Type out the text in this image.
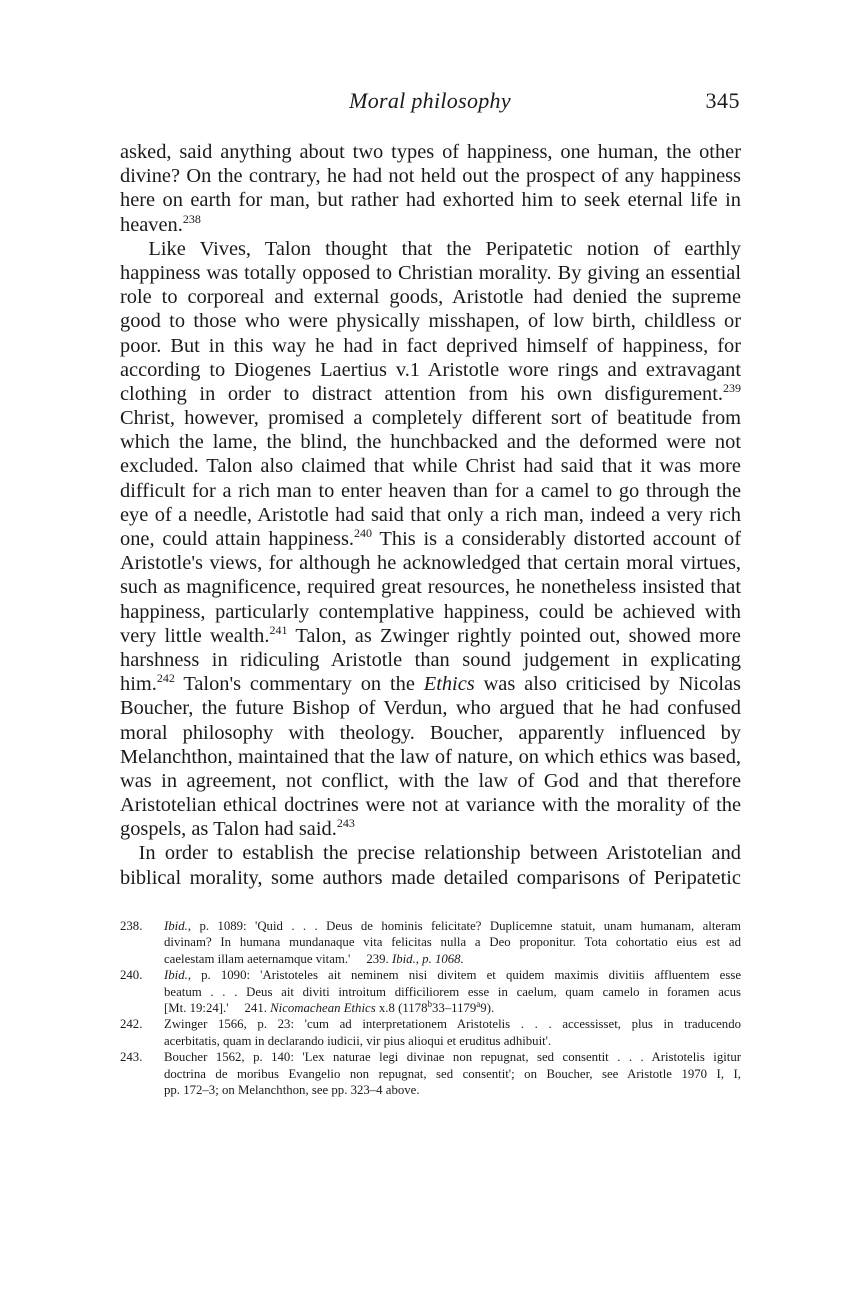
Moral philosophy	345
asked, said anything about two types of happiness, one human, the other
divine? On the contrary, he had not held out the prospect of any happiness
here on earth for man, but rather had exhorted him to seek eternal life in
heaven.$^{238}$
Like Vives, Talon thought that the Peripatetic notion of earthly
happiness was totally opposed to Christian morality. By giving an essential
role to corporeal and external goods, Aristotle had denied the supreme
good to those who were physically misshapen, of low birth, childless or
poor. But in this way he had in fact deprived himself of happiness, for
according to Diogenes Laertius v.1 Aristotle wore rings and extravagant
clothing in order to distract attention from his own disfigurement.$^{239}$
Christ, however, promised a completely different sort of beatitude from
which the lame, the blind, the hunchbacked and the deformed were not
excluded. Talon also claimed that while Christ had said that it was more
difficult for a rich man to enter heaven than for a camel to go through the
eye of a needle, Aristotle had said that only a rich man, indeed a very rich
one, could attain happiness.$^{240}$ This is a considerably distorted account of
Aristotle's views, for although he acknowledged that certain moral virtues,
such as magnificence, required great resources, he nonetheless insisted that
happiness, particularly contemplative happiness, could be achieved with
very little wealth.$^{241}$ Talon, as Zwinger rightly pointed out, showed more
harshness in ridiculing Aristotle than sound judgement in explicating
him.$^{242}$ Talon's commentary on the Ethics was also criticised by Nicolas
Boucher, the future Bishop of Verdun, who argued that he had confused
moral philosophy with theology. Boucher, apparently influenced by
Melanchthon, maintained that the law of nature, on which ethics was based,
was in agreement, not conflict, with the law of God and that therefore
Aristotelian ethical doctrines were not at variance with the morality of the
gospels, as Talon had said.$^{243}$
In order to establish the precise relationship between Aristotelian and
biblical morality, some authors made detailed comparisons of Peripatetic
238. Ibid., p. 1089: 'Quid . . . Deus de hominis felicitate? Duplicemne statuit, unam humanam, alteram
divinam? In humana mundanaque vita felicitas nulla a Deo proponitur. Tota cohortatio eius est ad
caelestam illam aeternamque vitam.' 239. Ibid., p. 1068.
240. Ibid., p. 1090: 'Aristoteles ait neminem nisi divitem et quidem maximis divitiis affluentem esse
beatum . . . Deus ait diviti introitum difficiliorem esse in caelum, quam camelo in foramen acus
[Mt. 19:24].' 241. Nicomachean Ethics x.8 (1178$^b$33–1179$^a$9).
242. Zwinger 1566, p. 23: 'cum ad interpretationem Aristotelis . . . accessisset, plus in traducendo
acerbitatis, quam in declarando iudicii, vir pius alioqui et eruditus adhibuit'.
243. Boucher 1562, p. 140: 'Lex naturae legi divinae non repugnat, sed consentit . . . Aristotelis igitur
doctrina de moribus Evangelio non repugnat, sed consentit'; on Boucher, see Aristotle 1970 I, I,
pp. 172–3; on Melanchthon, see pp. 323–4 above.
